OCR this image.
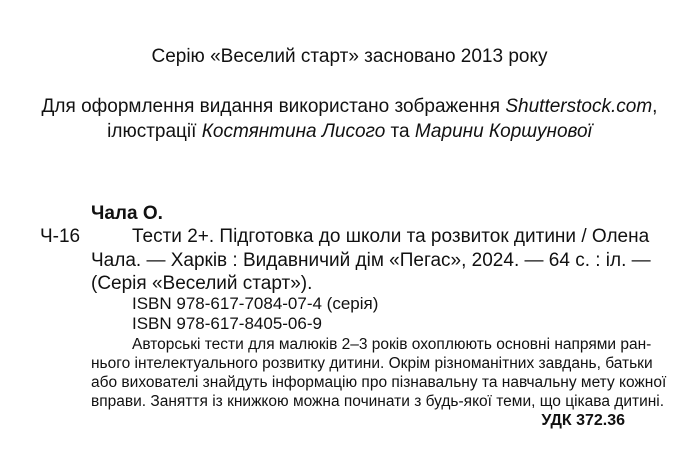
Серію «Веселий старт» засновано 2013 року
Для оформлення видання використано зображення Shutterstock.com,
ілюстрації Костянтина Лисого та Марини Коршунової
Чала О.
Ч-16	Тести 2+. Підготовка до школи та розвиток дитини / Олена
Чала. — Харків : Видавничий дім «Пегас», 2024. — 64 с. : іл. —
(Серія «Веселий старт»).
ISBN 978-617-7084-07-4 (серія)
ISBN 978-617-8405-06-9
Авторські тести для малюків 2–3 років охоплюють основні напрями ран-
нього інтелектуального розвитку дитини. Окрім різноманітних завдань, батьки
або вихователі знайдуть інформацію про пізнавальну та навчальну мету кожної
вправи. Заняття із книжкою можна починати з будь-якої теми, що цікава дитині.
УДК 372.36
